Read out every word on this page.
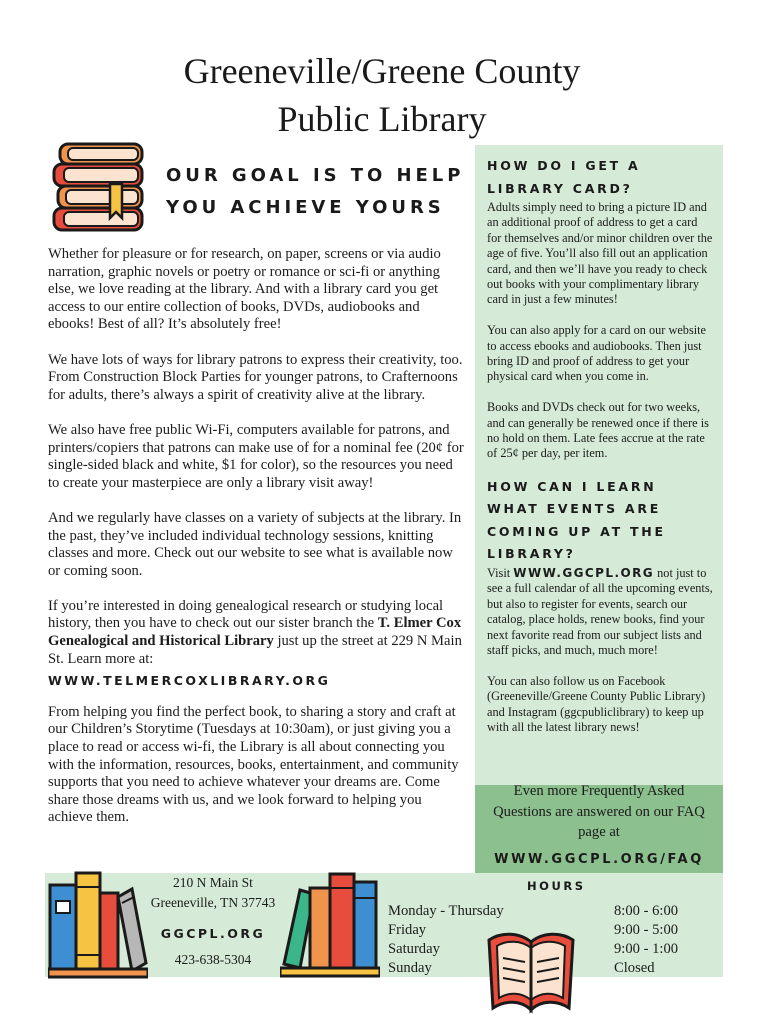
Greeneville/Greene County
Public Library
OUR GOAL IS TO HELP
YOU ACHIEVE YOURS

Whether for pleasure or for research, on paper, screens or via audio narration, graphic novels or poetry or romance or sci-fi or anything else, we love reading at the library. And with a library card you get access to our entire collection of books, DVDs, audiobooks and ebooks! Best of all? It’s absolutely free!

We have lots of ways for library patrons to express their creativity, too. From Construction Block Parties for younger patrons, to Crafternoons for adults, there’s always a spirit of creativity alive at the library.

We also have free public Wi-Fi, computers available for patrons, and printers/copiers that patrons can make use of for a nominal fee (20¢ for single-sided black and white, $1 for color), so the resources you need to create your masterpiece are only a library visit away!

And we regularly have classes on a variety of subjects at the library. In the past, they’ve included individual technology sessions, knitting classes and more. Check out our website to see what is available now or coming soon.

If you’re interested in doing genealogical research or studying local history, then you have to check out our sister branch the T. Elmer Cox Genealogical and Historical Library just up the street at 229 N Main St. Learn more at:

WWW.TELMERCOXLIBRARY.ORG

From helping you find the perfect book, to sharing a story and craft at our Children’s Storytime (Tuesdays at 10:30am), or just giving you a place to read or access wi-fi, the Library is all about connecting you with the information, resources, books, entertainment, and community supports that you need to achieve whatever your dreams are. Come share those dreams with us, and we look forward to helping you achieve them.

HOW DO I GET A
LIBRARY CARD?

Adults simply need to bring a picture ID and an additional proof of address to get a card for themselves and/or minor children over the age of five. You’ll also fill out an application card, and then we’ll have you ready to check out books with your complimentary library card in just a few minutes!

You can also apply for a card on our website to access ebooks and audiobooks. Then just bring ID and proof of address to get your physical card when you come in.

Books and DVDs check out for two weeks, and can generally be renewed once if there is no hold on them. Late fees accrue at the rate of 25¢ per day, per item.

HOW CAN I LEARN
WHAT EVENTS ARE
COMING UP AT THE
LIBRARY?

Visit WWW.GGCPL.ORG not just to see a full calendar of all the upcoming events, but also to register for events, search our catalog, place holds, renew books, find your next favorite read from our subject lists and staff picks, and much, much more!

You can also follow us on Facebook (Greeneville/Greene County Public Library) and Instagram (ggcpubliclibrary) to keep up with all the latest library news!

Even more Frequently Asked
Questions are answered on our FAQ
page at
WWW.GGCPL.ORG/FAQ
210 N Main St
Greeneville, TN 37743
GGCPL.ORG
423-638-5304
HOURS
Monday - Thursday	8:00 - 6:00
Friday	9:00 - 5:00
Saturday	9:00 - 1:00
Sunday	Closed
